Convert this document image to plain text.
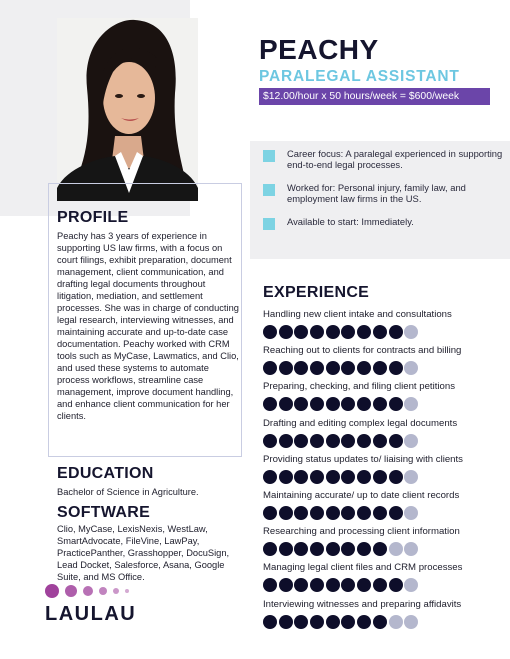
PEACHY
PARALEGAL ASSISTANT
$12.00/hour x 50 hours/week = $600/week
Career focus: A paralegal experienced in supporting end-to-end legal processes.
Worked for: Personal injury, family law, and employment law firms in the US.
Available to start: Immediately.
PROFILE

Peachy has 3 years of experience in supporting US law firms, with a focus on court filings, exhibit preparation, document management, client communication, and drafting legal documents throughout litigation, mediation, and settlement processes. She was in charge of conducting legal research, interviewing witnesses, and maintaining accurate and up-to-date case documentation. Peachy worked with CRM tools such as MyCase, Lawmatics, and Clio, and used these systems to automate process workflows, streamline case management, improve document handling, and enhance client communication for her clients.

EDUCATION

Bachelor of Science in Agriculture.

SOFTWARE

Clio, MyCase, LexisNexis, WestLaw, SmartAdvocate, FileVine, LawPay, PracticePanther, Grasshopper, DocuSign, Lead Docket, Salesforce, Asana, Google Suite, and MS Office.

EXPERIENCE
Handling new client intake and consultations
Reaching out to clients for contracts and billing
Preparing, checking, and filing client petitions
Drafting and editing complex legal documents
Providing status updates to/ liaising with clients
Maintaining accurate/ up to date client records
Researching and processing client information
Managing legal client files and CRM processes
Interviewing witnesses and preparing affidavits
LAULAU
